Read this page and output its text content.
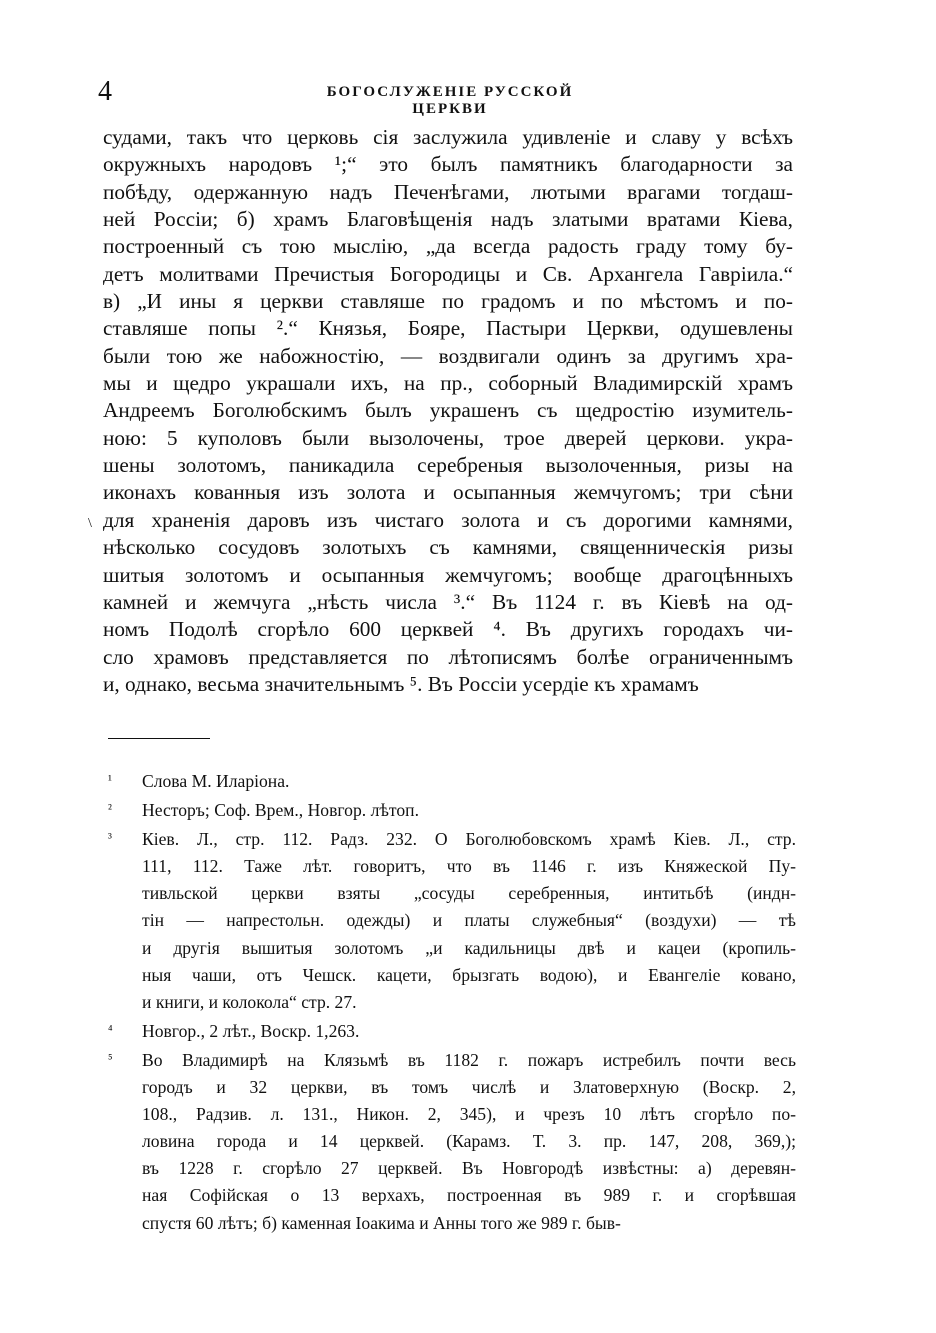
4	БОГОСЛУЖЕНІЕ РУССКОЙ ЦЕРКВИ
\
судами, такъ что церковь сія заслужила удивленіе и славу у всѣхъ
окружныхъ народовъ ¹;“ это былъ памятникъ благодарности за
побѣду, одержанную надъ Печенѣгами, лютыми врагами тогдаш-
ней Россіи; б) храмъ Благовѣщенія надъ златыми вратами Кіева,
построенный съ тою мыслію, „да всегда радость граду тому бу-
детъ молитвами Пречистыя Богородицы и Св. Архангела Гавріила.“
в) „И ины я церкви ставляше по градомъ и по мѣстомъ и по-
ставляше попы ².“ Князья, Бояре, Пастыри Церкви, одушевлены
были тою же набожностію, — воздвигали одинъ за другимъ хра-
мы и щедро украшали ихъ, на пр., соборный Владимирскій храмъ
Андреемъ Боголюбскимъ былъ украшенъ съ щедростію изумитель-
ною: 5 куполовъ были вызолочены, трое дверей церкови. укра-
шены золотомъ, паникадила серебреныя вызолоченныя, ризы на
иконахъ кованныя изъ золота и осыпанныя жемчугомъ; три сѣни
для храненія даровъ изъ чистаго золота и съ дорогими камнями,
нѣсколько сосудовъ золотыхъ съ камнями, священническія ризы
шитыя золотомъ и осыпанныя жемчугомъ; вообще драгоцѣнныхъ
камней и жемчуга „нѣсть числа ³.“ Въ 1124 г. въ Кіевѣ на од-
номъ Подолѣ сгорѣло 600 церквей ⁴. Въ другихъ городахъ чи-
сло храмовъ представляется по лѣтописямъ болѣе ограниченнымъ
и, однако, весьма значительнымъ ⁵. Въ Россіи усердіе къ храмамъ
¹ Слова М. Иларіона.
² Несторъ; Соф. Врем., Новгор. лѣтоп.
³ Кіев. Л., стр. 112. Радз. 232. О Боголюбовскомъ храмѣ Кіев. Л., стр.
111, 112. Таже лѣт. говоритъ, что въ 1146 г. изъ Княжеской Пу-
тивльской церкви взяты „сосуды серебренныя, интитьбѣ (индн-
тін — напрестольн. одежды) и платы служебныя“ (воздухи) — тѣ
и другія вышитыя золотомъ „и кадильницы двѣ и кацеи (кропиль-
ныя чаши, отъ Чешск. кацети, брызгать водою), и Евангеліе ковано,
и книги, и колокола“ стр. 27.
⁴ Новгор., 2 лѣт., Воскр. 1,263.
⁵ Во Владимирѣ на Клязьмѣ въ 1182 г. пожаръ истребилъ почти весь
городъ и 32 церкви, въ томъ числѣ и Златоверхную (Воскр. 2,
108., Радзив. л. 131., Никон. 2, 345), и чрезъ 10 лѣтъ сгорѣло по-
ловина города и 14 церквей. (Карамз. Т. 3. пр. 147, 208, 369,);
въ 1228 г. сгорѣло 27 церквей. Въ Новгородѣ извѣстны: а) деревян-
ная Софійская о 13 верхахъ, построенная въ 989 г. и сгорѣвшая
спустя 60 лѣтъ; б) каменная Іоакима и Анны того же 989 г. быв-
